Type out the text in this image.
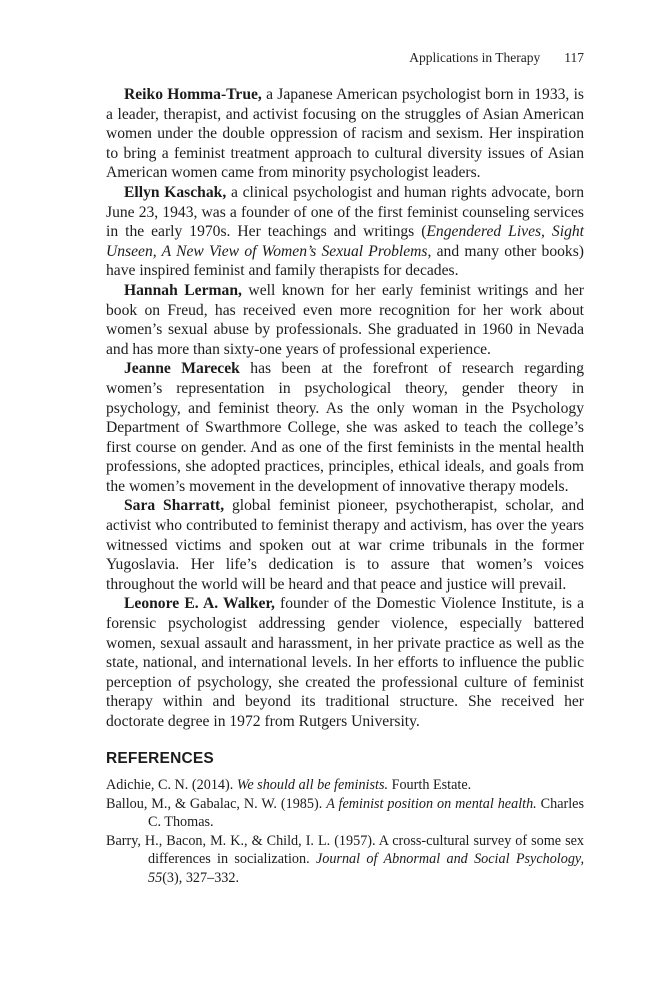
Applications in Therapy 117

Reiko Homma-True, a Japanese American psychologist born in 1933, is a leader, therapist, and activist focusing on the struggles of Asian American women under the double oppression of racism and sexism. Her inspiration to bring a feminist treatment approach to cultural diversity issues of Asian American women came from minority psychologist leaders.

Ellyn Kaschak, a clinical psychologist and human rights advocate, born June 23, 1943, was a founder of one of the first feminist counseling services in the early 1970s. Her teachings and writings (Engendered Lives, Sight Unseen, A New View of Women’s Sexual Problems, and many other books) have inspired feminist and family therapists for decades.

Hannah Lerman, well known for her early feminist writings and her book on Freud, has received even more recognition for her work about women’s sexual abuse by professionals. She graduated in 1960 in Nevada and has more than sixty-one years of professional experience.

Jeanne Marecek has been at the forefront of research regarding women’s representation in psychological theory, gender theory in psychology, and feminist theory. As the only woman in the Psychology Department of Swarthmore College, she was asked to teach the college’s first course on gender. And as one of the first feminists in the mental health professions, she adopted practices, principles, ethical ideals, and goals from the women’s movement in the development of innovative therapy models.

Sara Sharratt, global feminist pioneer, psychotherapist, scholar, and activist who contributed to feminist therapy and activism, has over the years witnessed victims and spoken out at war crime tribunals in the former Yugoslavia. Her life’s dedication is to assure that women’s voices throughout the world will be heard and that peace and justice will prevail.

Leonore E. A. Walker, founder of the Domestic Violence Institute, is a forensic psychologist addressing gender violence, especially battered women, sexual assault and harassment, in her private practice as well as the state, national, and international levels. In her efforts to influence the public perception of psychology, she created the professional culture of feminist therapy within and beyond its traditional structure. She received her doctorate degree in 1972 from Rutgers University.

REFERENCES

Adichie, C. N. (2014). We should all be feminists. Fourth Estate.

Ballou, M., & Gabalac, N. W. (1985). A feminist position on mental health. Charles C. Thomas.

Barry, H., Bacon, M. K., & Child, I. L. (1957). A cross-cultural survey of some sex differences in socialization. Journal of Abnormal and Social Psychology, 55(3), 327–332.
